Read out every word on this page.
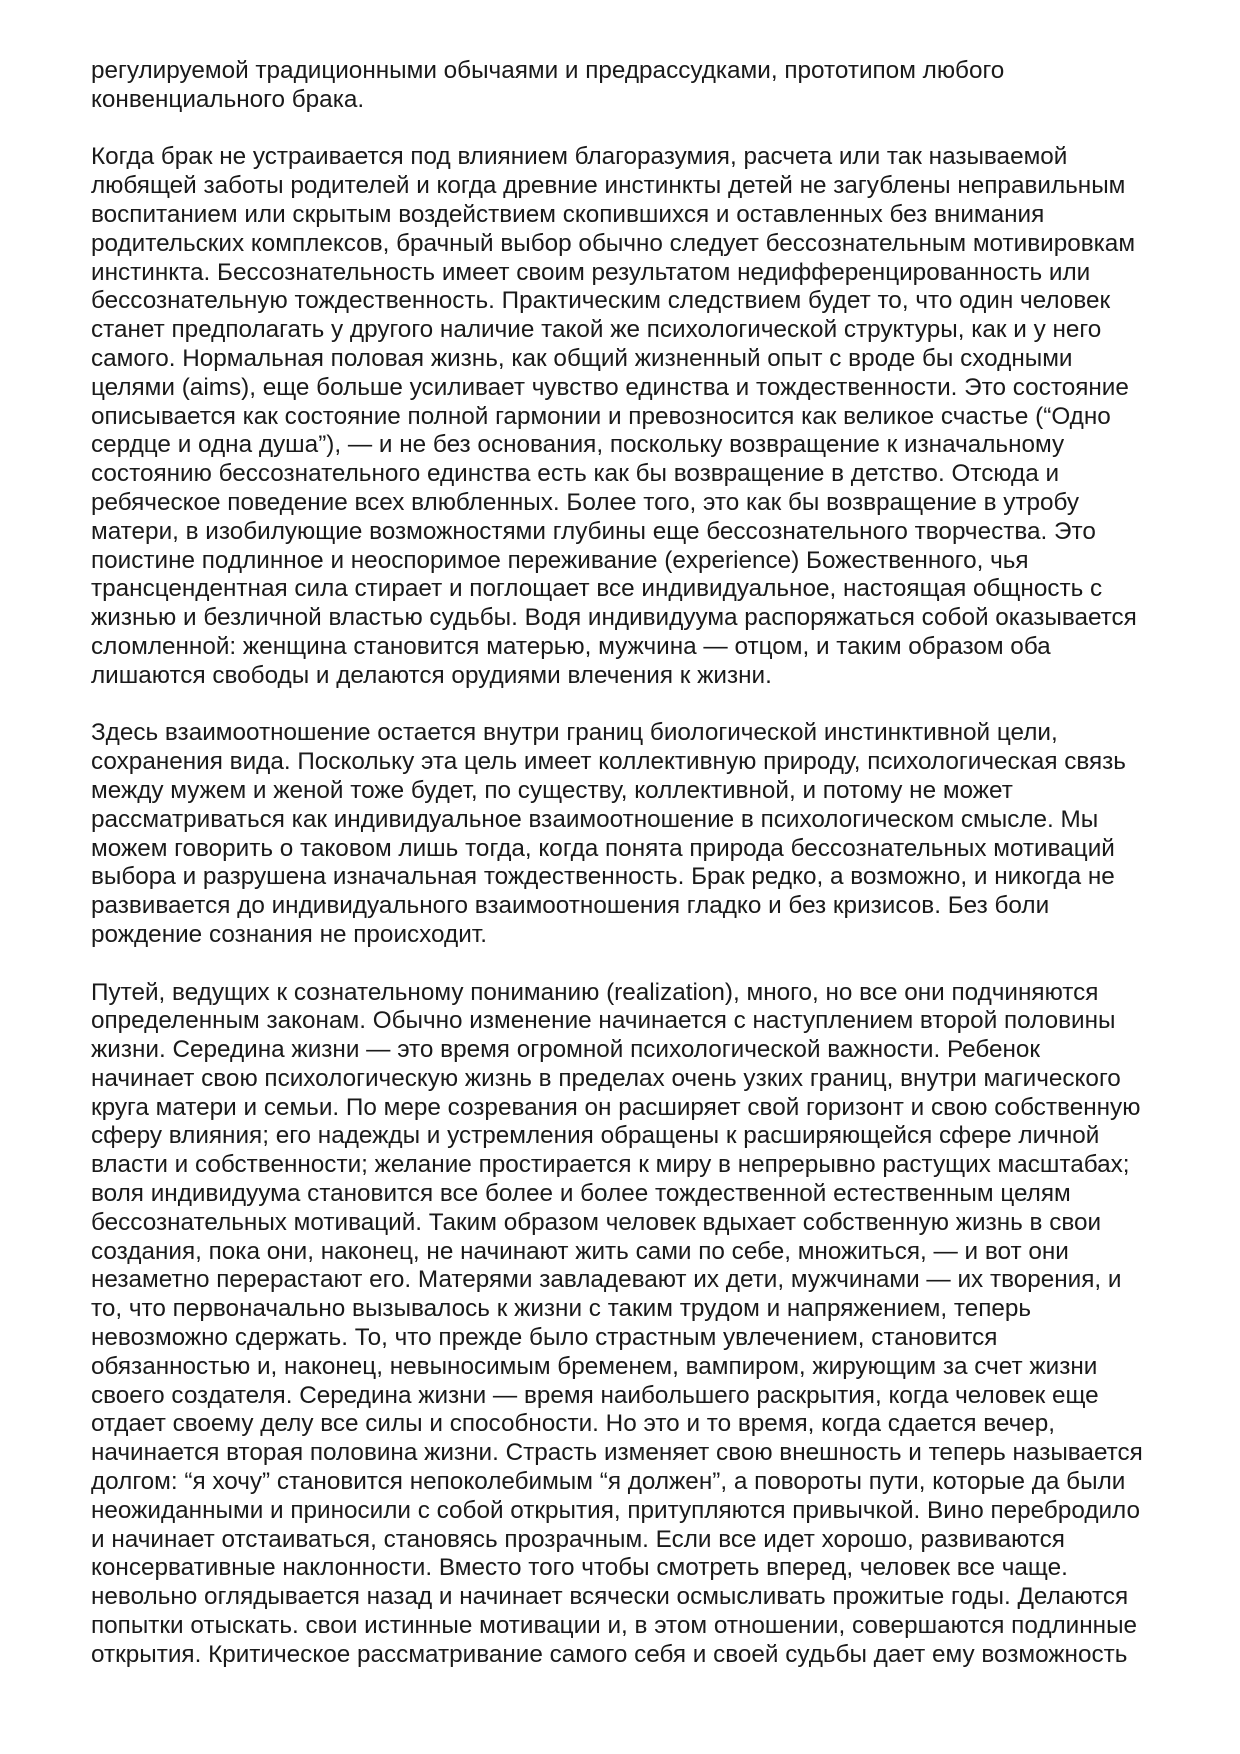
регулируемой традиционными обычаями и предрассудками, прототипом любого
конвенциального брака.

Когда брак не устраивается под влиянием благоразумия, расчета или так называемой
любящей заботы родителей и когда древние инстинкты детей не загублены неправильным
воспитанием или скрытым воздействием скопившихся и оставленных без внимания
родительских комплексов, брачный выбор обычно следует бессознательным мотивировкам
инстинкта. Бессознательность имеет своим результатом недифференцированность или
бессознательную тождественность. Практическим следствием будет то, что один человек
станет предполагать у другого наличие такой же психологической структуры, как и у него
самого. Нормальная половая жизнь, как общий жизненный опыт с вроде бы сходными
целями (aims), еще больше усиливает чувство единства и тождественности. Это состояние
описывается как состояние полной гармонии и превозносится как великое счастье (“Одно
сердце и одна душа”), — и не без основания, поскольку возвращение к изначальному
состоянию бессознательного единства есть как бы возвращение в детство. Отсюда и
ребяческое поведение всех влюбленных. Более того, это как бы возвращение в утробу
матери, в изобилующие возможностями глубины еще бессознательного творчества. Это
поистине подлинное и неоспоримое переживание (experience) Божественного, чья
трансцендентная сила стирает и поглощает все индивидуальное, настоящая общность с
жизнью и безличной властью судьбы. Водя индивидуума распоряжаться собой оказывается
сломленной: женщина становится матерью, мужчина — отцом, и таким образом оба
лишаются свободы и делаются орудиями влечения к жизни.

Здесь взаимоотношение остается внутри границ биологической инстинктивной цели,
сохранения вида. Поскольку эта цель имеет коллективную природу, психологическая связь
между мужем и женой тоже будет, по существу, коллективной, и потому не может
рассматриваться как индивидуальное взаимоотношение в психологическом смысле. Мы
можем говорить о таковом лишь тогда, когда понята природа бессознательных мотиваций
выбора и разрушена изначальная тождественность. Брак редко, а возможно, и никогда не
развивается до индивидуального взаимоотношения гладко и без кризисов. Без боли
рождение сознания не происходит.

Путей, ведущих к сознательному пониманию (realization), много, но все они подчиняются
определенным законам. Обычно изменение начинается с наступлением второй половины
жизни. Середина жизни — это время огромной психологической важности. Ребенок
начинает свою психологическую жизнь в пределах очень узких границ, внутри магического
круга матери и семьи. По мере созревания он расширяет свой горизонт и свою собственную
сферу влияния; его надежды и устремления обращены к расширяющейся сфере личной
власти и собственности; желание простирается к миру в непрерывно растущих масштабах;
воля индивидуума становится все более и более тождественной естественным целям
бессознательных мотиваций. Таким образом человек вдыхает собственную жизнь в свои
создания, пока они, наконец, не начинают жить сами по себе, множиться, — и вот они
незаметно перерастают его. Матерями завладевают их дети, мужчинами — их творения, и
то, что первоначально вызывалось к жизни с таким трудом и напряжением, теперь
невозможно сдержать. То, что прежде было страстным увлечением, становится
обязанностью и, наконец, невыносимым бременем, вампиром, жирующим за счет жизни
своего создателя. Середина жизни — время наибольшего раскрытия, когда человек еще
отдает своему делу все силы и способности. Но это и то время, когда сдается вечер,
начинается вторая половина жизни. Страсть изменяет свою внешность и теперь называется
долгом: “я хочу” становится непоколебимым “я должен”, а повороты пути, которые да были
неожиданными и приносили с собой открытия, притупляются привычкой. Вино перебродило
и начинает отстаиваться, становясь прозрачным. Если все идет хорошо, развиваются
консервативные наклонности. Вместо того чтобы смотреть вперед, человек все чаще.
невольно оглядывается назад и начинает всячески осмысливать прожитые годы. Делаются
попытки отыскать. свои истинные мотивации и, в этом отношении, совершаются подлинные
открытия. Критическое рассматривание самого себя и своей судьбы дает ему возможность
